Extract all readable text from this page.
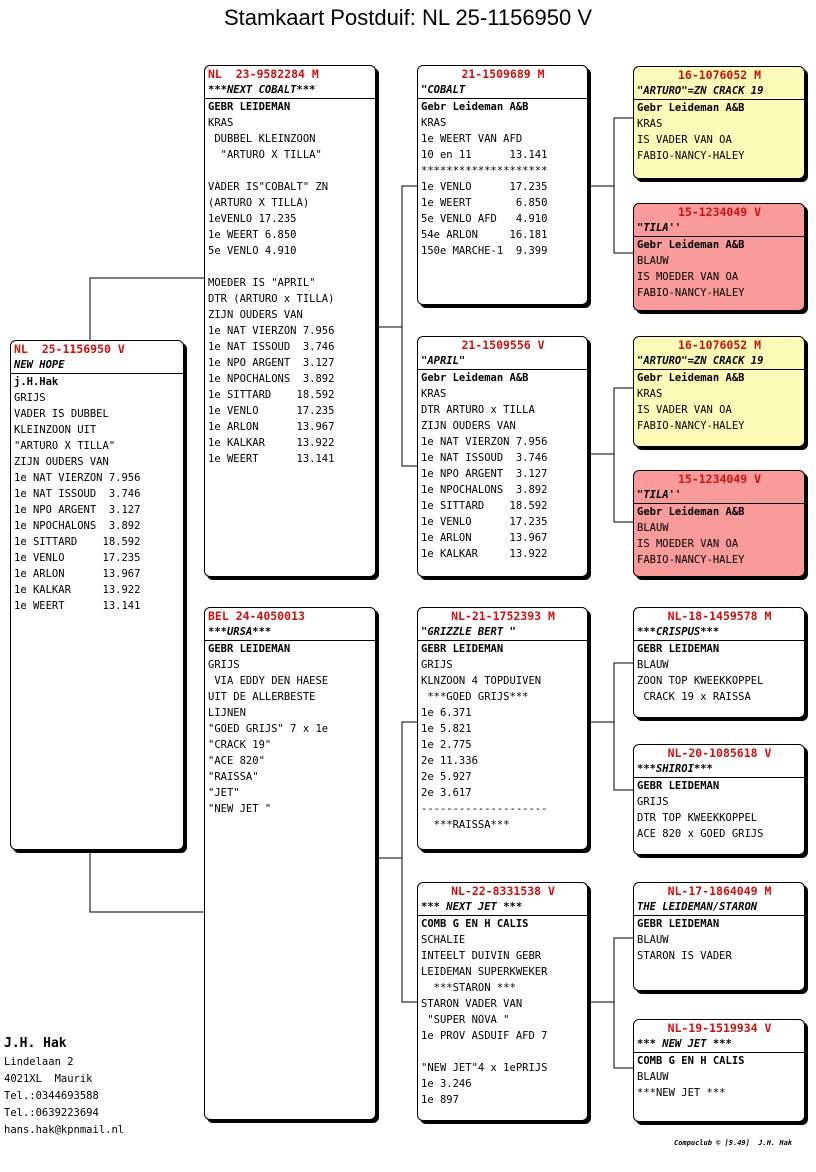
Stamkaart Postduif: NL 25-1156950 V
NL  25-1156950 V
NEW HOPE
j.H.Hak
GRIJS
VADER IS DUBBEL
KLEINZOON UIT
"ARTURO X TILLA"
ZIJN OUDERS VAN
1e NAT VIERZON 7.956
1e NAT ISSOUD  3.746
1e NPO ARGENT  3.127
1e NPOCHALONS  3.892
1e SITTARD    18.592
1e VENLO      17.235
1e ARLON      13.967
1e KALKAR     13.922
1e WEERT      13.141
NL  23-9582284 M
***NEXT COBALT***
GEBR LEIDEMAN
KRAS
DUBBEL KLEINZOON
"ARTURO X TILLA"
VADER IS"COBALT" ZN
(ARTURO X TILLA)
1eVENLO 17.235
1e WEERT 6.850
5e VENLO 4.910
MOEDER IS "APRIL"
DTR (ARTURO x TILLA)
ZIJN OUDERS VAN
1e NAT VIERZON 7.956
1e NAT ISSOUD  3.746
1e NPO ARGENT  3.127
1e NPOCHALONS  3.892
1e SITTARD    18.592
1e VENLO      17.235
1e ARLON      13.967
1e KALKAR     13.922
1e WEERT      13.141
BEL 24-4050013
***URSA***
GEBR LEIDEMAN
GRIJS
VIA EDDY DEN HAESE
UIT DE ALLERBESTE
LIJNEN
"GOED GRIJS" 7 x 1e
"CRACK 19"
"ACE 820"
"RAISSA"
"JET"
"NEW JET "
21-1509689 M
"COBALT
Gebr Leideman A&B
KRAS
1e WEERT VAN AFD
10 en 11      13.141
********************
1e VENLO      17.235
1e WEERT       6.850
5e VENLO AFD   4.910
54e ARLON     16.181
150e MARCHE-1  9.399
21-1509556 V
"APRIL"
Gebr Leideman A&B
KRAS
DTR ARTURO x TILLA
ZIJN OUDERS VAN
1e NAT VIERZON 7.956
1e NAT ISSOUD  3.746
1e NPO ARGENT  3.127
1e NPOCHALONS  3.892
1e SITTARD    18.592
1e VENLO      17.235
1e ARLON      13.967
1e KALKAR     13.922
NL-21-1752393 M
"GRIZZLE BERT "
GEBR LEIDEMAN
GRIJS
KLNZOON 4 TOPDUIVEN
***GOED GRIJS***
1e 6.371
1e 5.821
1e 2.775
2e 11.336
2e 5.927
2e 3.617
--------------------
***RAISSA***
NL-22-8331538 V
*** NEXT JET ***
COMB G EN H CALIS
SCHALIE
INTEELT DUIVIN GEBR
LEIDEMAN SUPERKWEKER
***STARON ***
STARON VADER VAN
"SUPER NOVA "
1e PROV ASDUIF AFD 7
"NEW JET"4 x 1ePRIJS
1e 3.246
1e 897
16-1076052 M
"ARTURO"=ZN CRACK 19
Gebr Leideman A&B
KRAS
IS VADER VAN OA
FABIO-NANCY-HALEY
15-1234049 V
"TILA''
Gebr Leideman A&B
BLAUW
IS MOEDER VAN OA
FABIO-NANCY-HALEY
16-1076052 M
"ARTURO"=ZN CRACK 19
Gebr Leideman A&B
KRAS
IS VADER VAN OA
FABIO-NANCY-HALEY
15-1234049 V
"TILA''
Gebr Leideman A&B
BLAUW
IS MOEDER VAN OA
FABIO-NANCY-HALEY
NL-18-1459578 M
***CRISPUS***
GEBR LEIDEMAN
BLAUW
ZOON TOP KWEEKKOPPEL
CRACK 19 x RAISSA
NL-20-1085618 V
***SHIROI***
GEBR LEIDEMAN
GRIJS
DTR TOP KWEEKKOPPEL
ACE 820 x GOED GRIJS
NL-17-1864049 M
THE LEIDEMAN/STARON
GEBR LEIDEMAN
BLAUW
STARON IS VADER
NL-19-1519934 V
*** NEW JET ***
COMB G EN H CALIS
BLAUW
***NEW JET ***
J.H. Hak
Lindelaan 2
4021XL  Maurik
Tel.:0344693588
Tel.:0639223694
hans.hak@kpnmail.nl
Compuclub © [9.49]  J.H. Hak
